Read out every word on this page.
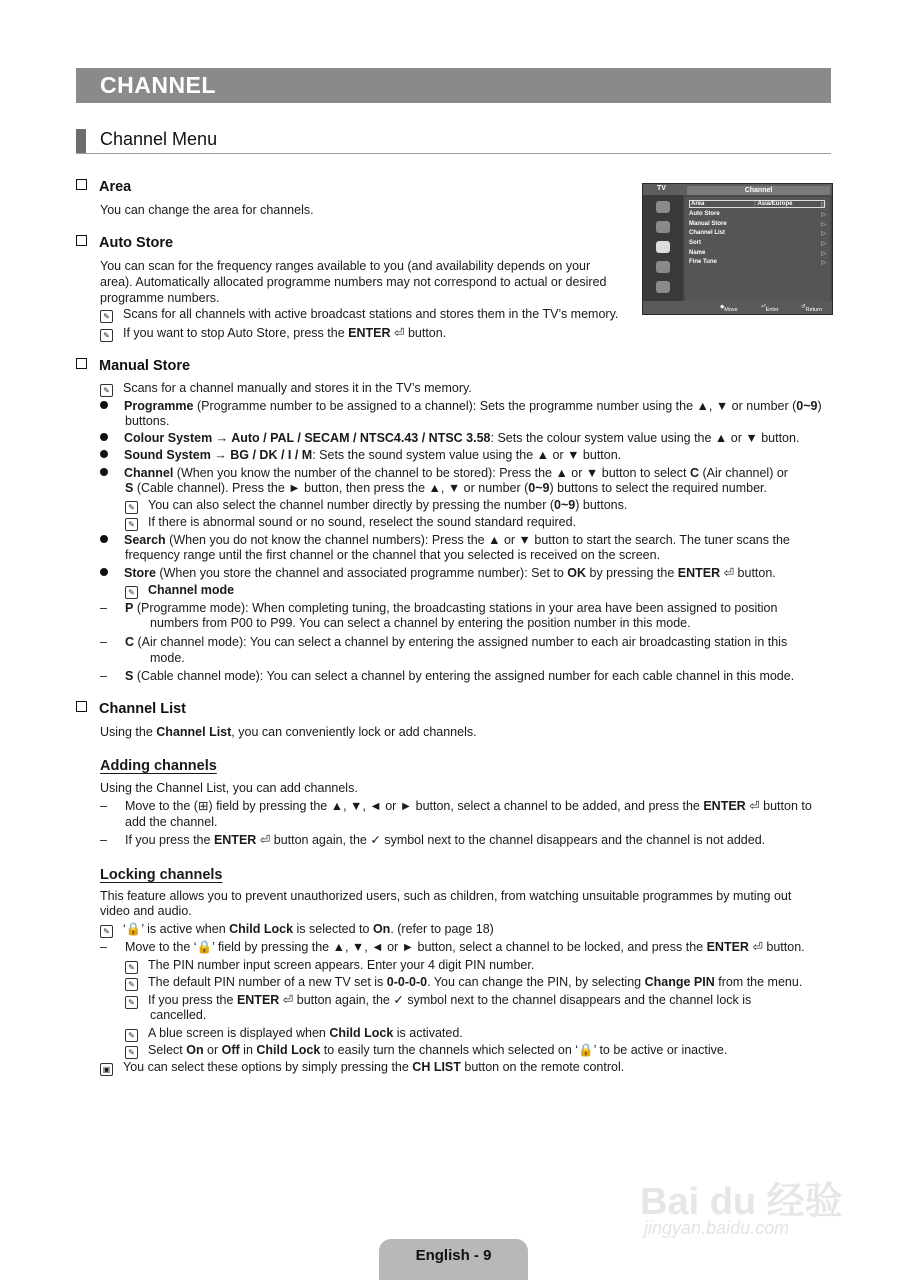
CHANNEL
Channel Menu
Area
You can change the area for channels.
Auto Store
You can scan for the frequency ranges available to you (and availability depends on your
area). Automatically allocated programme numbers may not correspond to actual or desired
programme numbers.
✎ Scans for all channels with active broadcast stations and stores them in the TV’s memory.
✎ If you want to stop Auto Store, press the ENTER ⏎ button.
TV	Channel
Area	: Asia/Europe	▷
Auto Store	▷
Manual Store	▷
Channel List	▷
Sort	▷
Name	▷
Fine Tune	▷
◆ Move	⏎ Enter	↺ Return
Manual Store
✎ Scans for a channel manually and stores it in the TV’s memory.
Programme (Programme number to be assigned to a channel): Sets the programme number using the ▲, ▼ or number (0~9)
buttons.
Colour System → Auto / PAL / SECAM / NTSC4.43 / NTSC 3.58: Sets the colour system value using the ▲ or ▼ button.
Sound System → BG / DK / I / M: Sets the sound system value using the ▲ or ▼ button.
Channel (When you know the number of the channel to be stored): Press the ▲ or ▼ button to select C (Air channel) or
S (Cable channel). Press the ► button, then press the ▲, ▼ or number (0~9) buttons to select the required number.
✎ You can also select the channel number directly by pressing the number (0~9) buttons.
✎ If there is abnormal sound or no sound, reselect the sound standard required.
Search (When you do not know the channel numbers): Press the ▲ or ▼ button to start the search. The tuner scans the
frequency range until the first channel or the channel that you selected is received on the screen.
Store (When you store the channel and associated programme number): Set to OK by pressing the ENTER ⏎ button.
✎ Channel mode
– P (Programme mode): When completing tuning, the broadcasting stations in your area have been assigned to position
numbers from P00 to P99. You can select a channel by entering the position number in this mode.
– C (Air channel mode): You can select a channel by entering the assigned number to each air broadcasting station in this
mode.
– S (Cable channel mode): You can select a channel by entering the assigned number for each cable channel in this mode.
Channel List
Using the Channel List, you can conveniently lock or add channels.
Adding channels
Using the Channel List, you can add channels.
– Move to the (⊞) field by pressing the ▲, ▼, ◄ or ► button, select a channel to be added, and press the ENTER ⏎ button to
add the channel.
– If you press the ENTER ⏎ button again, the ✓ symbol next to the channel disappears and the channel is not added.
Locking channels
This feature allows you to prevent unauthorized users, such as children, from watching unsuitable programmes by muting out
video and audio.
✎ ‘🔒’ is active when Child Lock is selected to On. (refer to page 18)
– Move to the ‘🔒’ field by pressing the ▲, ▼, ◄ or ► button, select a channel to be locked, and press the ENTER ⏎ button.
✎ The PIN number input screen appears. Enter your 4 digit PIN number.
✎ The default PIN number of a new TV set is 0-0-0-0. You can change the PIN, by selecting Change PIN from the menu.
✎ If you press the ENTER ⏎ button again, the ✓ symbol next to the channel disappears and the channel lock is
cancelled.
✎ A blue screen is displayed when Child Lock is activated.
✎ Select On or Off in Child Lock to easily turn the channels which selected on ‘🔒’ to be active or inactive.
▣ You can select these options by simply pressing the CH LIST button on the remote control.
Bai du 经验
jingyan.baidu.com
English - 9
